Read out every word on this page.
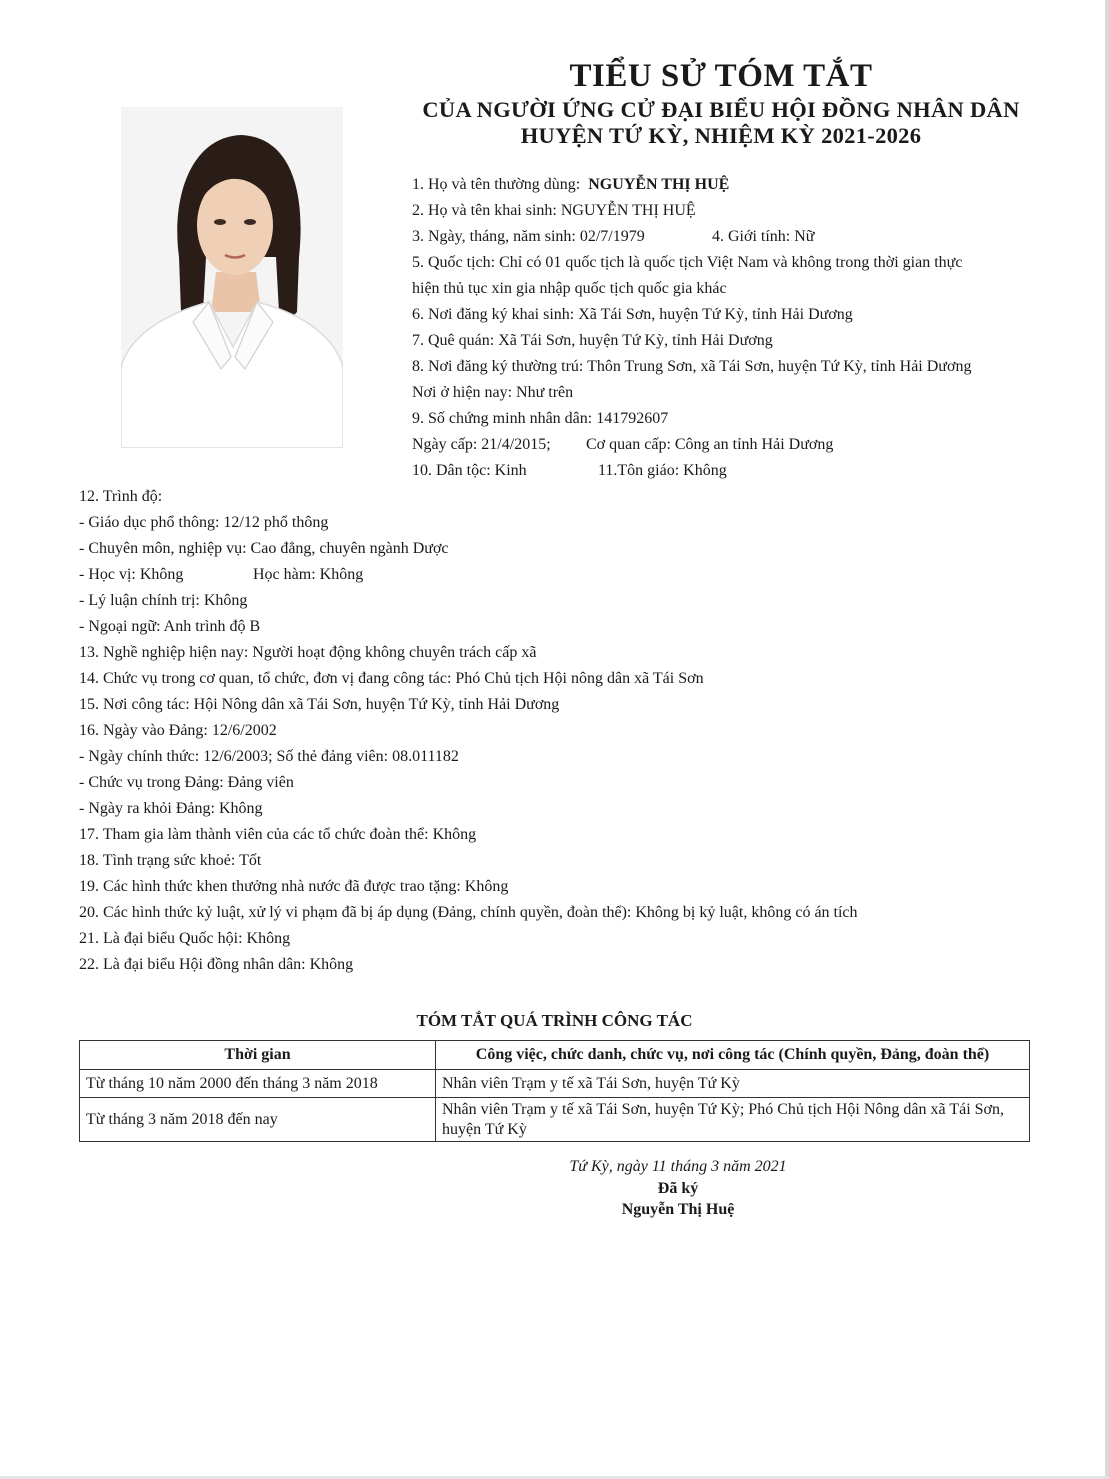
TIỂU SỬ TÓM TẮT
CỦA NGƯỜI ỨNG CỬ ĐẠI BIỂU HỘI ĐỒNG NHÂN DÂN
HUYỆN TỨ KỲ, NHIỆM KỲ 2021-2026
1. Họ và tên thường dùng: NGUYỄN THỊ HUỆ
2. Họ và tên khai sinh: NGUYỄN THỊ HUỆ
3. Ngày, tháng, năm sinh: 02/7/1979	4. Giới tính: Nữ
5. Quốc tịch: Chỉ có 01 quốc tịch là quốc tịch Việt Nam và không trong thời gian thực
hiện thủ tục xin gia nhập quốc tịch quốc gia khác
6. Nơi đăng ký khai sinh: Xã Tái Sơn, huyện Tứ Kỳ, tỉnh Hải Dương
7. Quê quán: Xã Tái Sơn, huyện Tứ Kỳ, tỉnh Hải Dương
8. Nơi đăng ký thường trú: Thôn Trung Sơn, xã Tái Sơn, huyện Tứ Kỳ, tỉnh Hải Dương
Nơi ở hiện nay: Như trên
9. Số chứng minh nhân dân: 141792607
Ngày cấp: 21/4/2015; Cơ quan cấp: Công an tỉnh Hải Dương
10. Dân tộc: Kinh	11.Tôn giáo: Không
12. Trình độ:
- Giáo dục phổ thông: 12/12 phổ thông
- Chuyên môn, nghiệp vụ: Cao đẳng, chuyên ngành Dược
- Học vị: Không	Học hàm: Không
- Lý luận chính trị: Không
- Ngoại ngữ: Anh trình độ B
13. Nghề nghiệp hiện nay: Người hoạt động không chuyên trách cấp xã
14. Chức vụ trong cơ quan, tổ chức, đơn vị đang công tác: Phó Chủ tịch Hội nông dân xã Tái Sơn
15. Nơi công tác: Hội Nông dân xã Tái Sơn, huyện Tứ Kỳ, tỉnh Hải Dương
16. Ngày vào Đảng: 12/6/2002
- Ngày chính thức: 12/6/2003; Số thẻ đảng viên: 08.011182
- Chức vụ trong Đảng: Đảng viên
- Ngày ra khỏi Đảng: Không
17. Tham gia làm thành viên của các tổ chức đoàn thể: Không
18. Tình trạng sức khoẻ: Tốt
19. Các hình thức khen thưởng nhà nước đã được trao tặng: Không
20. Các hình thức kỷ luật, xử lý vi phạm đã bị áp dụng (Đảng, chính quyền, đoàn thể): Không bị kỷ luật, không có án tích
21. Là đại biểu Quốc hội: Không
22. Là đại biểu Hội đồng nhân dân: Không
TÓM TẮT QUÁ TRÌNH CÔNG TÁC
Thời gian	Công việc, chức danh, chức vụ, nơi công tác (Chính quyền, Đảng, đoàn thể)
Từ tháng 10 năm 2000 đến tháng 3 năm 2018	Nhân viên Trạm y tế xã Tái Sơn, huyện Tứ Kỳ
Từ tháng 3 năm 2018 đến nay	Nhân viên Trạm y tế xã Tái Sơn, huyện Tứ Kỳ; Phó Chủ tịch Hội Nông dân xã Tái Sơn, huyện Tứ Kỳ
Tứ Kỳ, ngày 11 tháng 3 năm 2021
Đã ký
Nguyễn Thị Huệ
